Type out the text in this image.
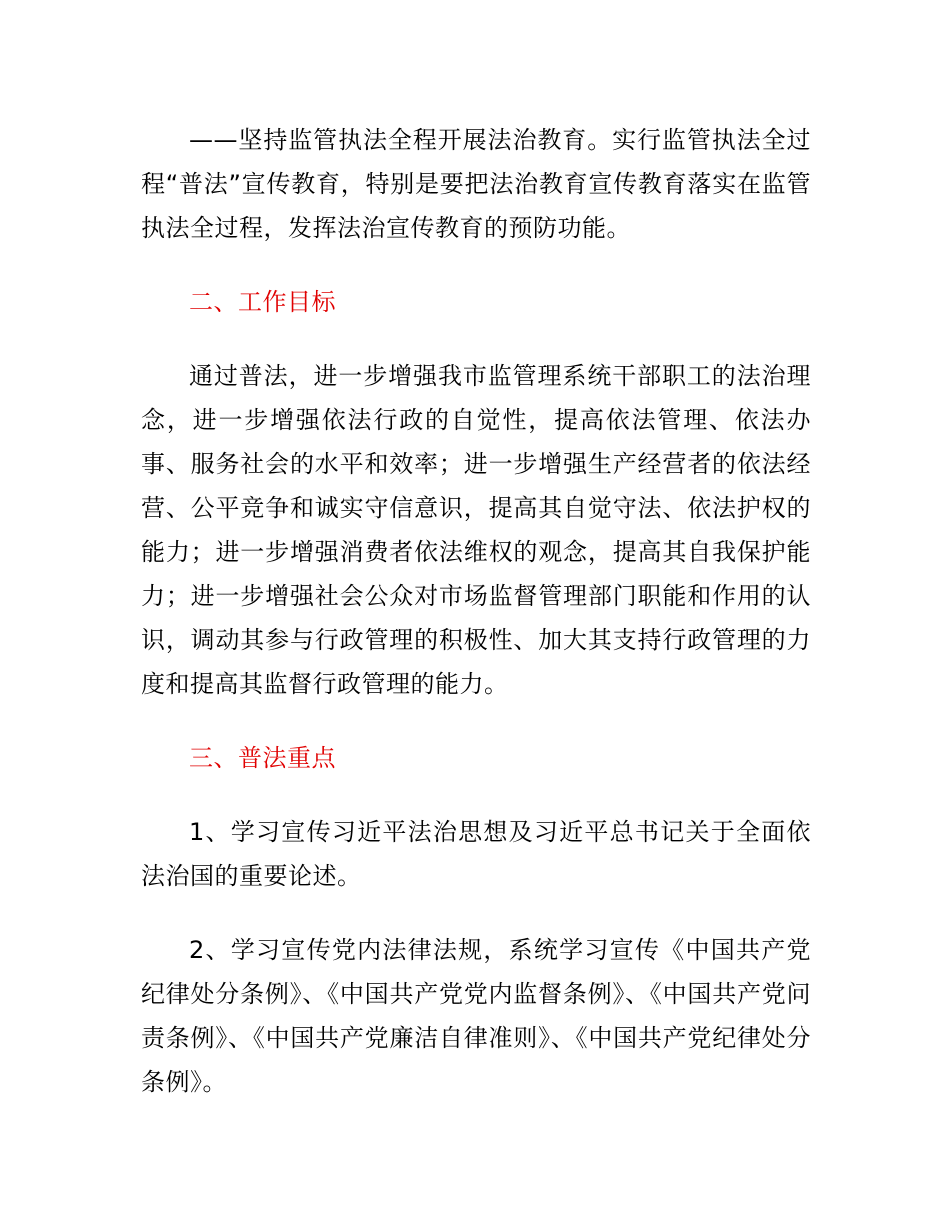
——坚持监管执法全程开展法治教育。实行监管执法全过程“普法”宣传教育，特别是要把法治教育宣传教育落实在监管执法全过程，发挥法治宣传教育的预防功能。

二、工作目标

通过普法，进一步增强我市监管理系统干部职工的法治理念，进一步增强依法行政的自觉性，提高依法管理、依法办事、服务社会的水平和效率；进一步增强生产经营者的依法经营、公平竞争和诚实守信意识，提高其自觉守法、依法护权的能力；进一步增强消费者依法维权的观念，提高其自我保护能力；进一步增强社会公众对市场监督管理部门职能和作用的认识，调动其参与行政管理的积极性、加大其支持行政管理的力度和提高其监督行政管理的能力。

三、普法重点

1、学习宣传习近平法治思想及习近平总书记关于全面依法治国的重要论述。

2、学习宣传党内法律法规，系统学习宣传《中国共产党纪律处分条例》、《中国共产党党内监督条例》、《中国共产党问责条例》、《中国共产党廉洁自律准则》、《中国共产党纪律处分条例》。
